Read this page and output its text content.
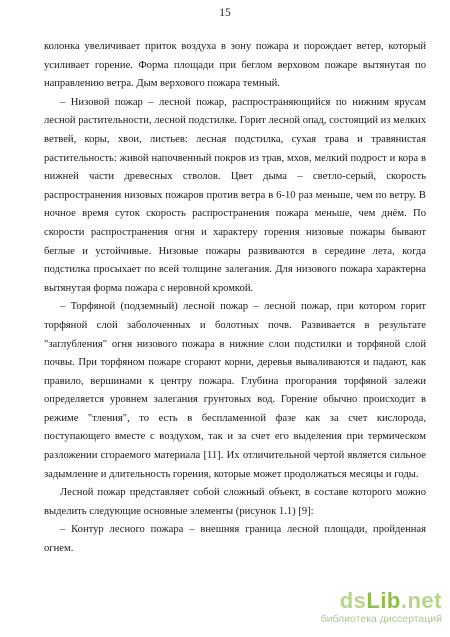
15

колонка увеличивает приток воздуха в зону пожара и порождает ветер, который усиливает горение. Форма площади при беглом верховом пожаре вытянутая по направлению ветра. Дым верхового пожара темный.

– Низовой пожар – лесной пожар, распространяющийся по нижним ярусам лесной растительности, лесной подстилке. Горит лесной опад, состоящий из мелких ветвей, коры, хвои, листьев: лесная подстилка, сухая трава и травянистая растительность: живой напочвенный покров из трав, мхов, мелкий подрост и кора в нижней части древесных стволов. Цвет дыма – светло-серый, скорость распространения низовых пожаров против ветра в 6-10 раз меньше, чем по ветру. В ночное время суток скорость распространения пожара меньше, чем днём. По скорости распространения огня и характеру горения низовые пожары бывают беглые и устойчивые. Низовые пожары развиваются в середине лета, когда подстилка просыхает по всей толщине залегания. Для низового пожара характерна вытянутая форма пожара с неровной кромкой.

– Торфяной (подземный) лесной пожар – лесной пожар, при котором горит торфяной слой заболоченных и болотных почв. Развивается в результате "заглубления" огня низового пожара в нижние слои подстилки и торфяной слой почвы. При торфяном пожаре сгорают корни, деревья вываливаются и падают, как правило, вершинами к центру пожара. Глубина прогорания торфяной залежи определяется уровнем залегания грунтовых вод. Горение обычно происходит в режиме "тления", то есть в беспламенной фазе как за счет кислорода, поступающего вместе с воздухом, так и за счет его выделения при термическом разложении сгораемого материала [11]. Их отличительной чертой является сильное задымление и длительность горения, которые может продолжаться месяцы и годы.

Лесной пожар представляет собой сложный объект, в составе которого можно выделить следующие основные элементы (рисунок 1.1) [9]:

– Контур лесного пожара – внешняя граница лесной площади, пройденная огнем.

dsLib.net
библиотека диссертаций
